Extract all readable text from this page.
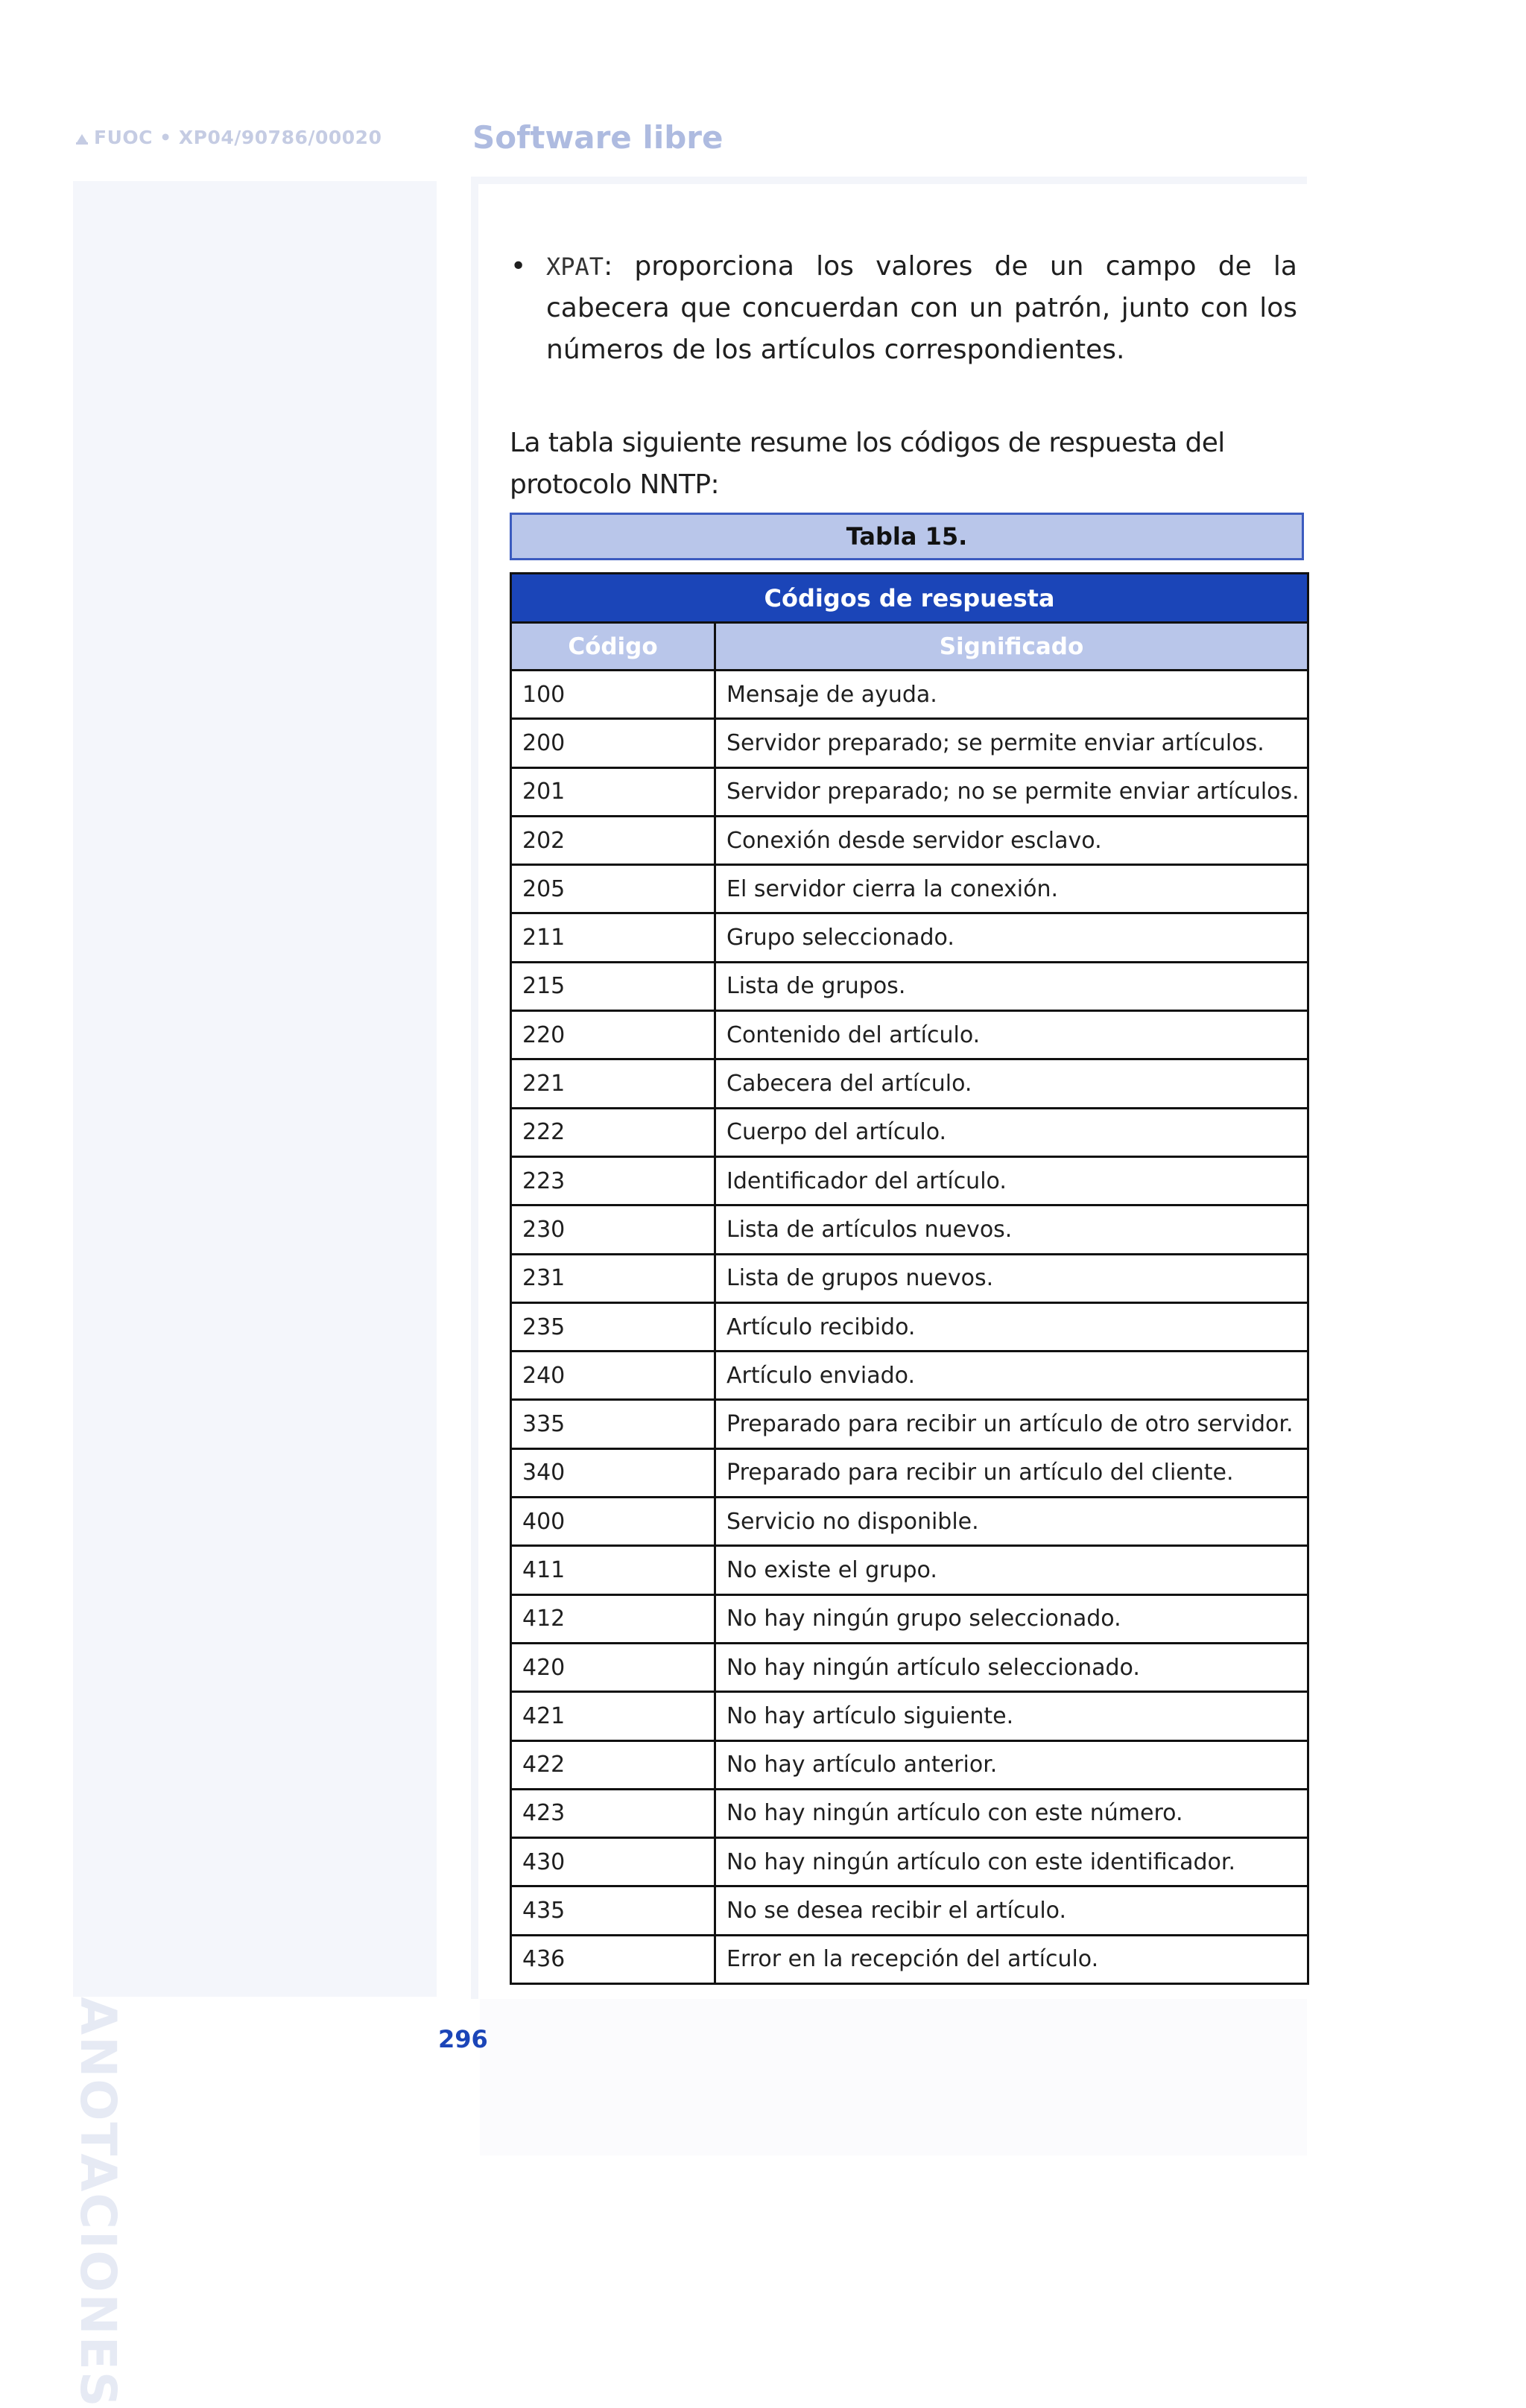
FUOC • XP04/90786/00020	Software libre
ANOTACIONES
• XPAT: proporciona los valores de un campo de la cabecera que concuerdan con un patrón, junto con los números de los artículos correspondientes.
La tabla siguiente resume los códigos de respuesta del protocolo NNTP:
Tabla 15.
Códigos de respuesta	
Código	Significado
100	Mensaje de ayuda.
200	Servidor preparado; se permite enviar artículos.
201	Servidor preparado; no se permite enviar artículos.
202	Conexión desde servidor esclavo.
205	El servidor cierra la conexión.
211	Grupo seleccionado.
215	Lista de grupos.
220	Contenido del artículo.
221	Cabecera del artículo.
222	Cuerpo del artículo.
223	Identificador del artículo.
230	Lista de artículos nuevos.
231	Lista de grupos nuevos.
235	Artículo recibido.
240	Artículo enviado.
335	Preparado para recibir un artículo de otro servidor.
340	Preparado para recibir un artículo del cliente.
400	Servicio no disponible.
411	No existe el grupo.
412	No hay ningún grupo seleccionado.
420	No hay ningún artículo seleccionado.
421	No hay artículo siguiente.
422	No hay artículo anterior.
423	No hay ningún artículo con este número.
430	No hay ningún artículo con este identificador.
435	No se desea recibir el artículo.
436	Error en la recepción del artículo.
296
